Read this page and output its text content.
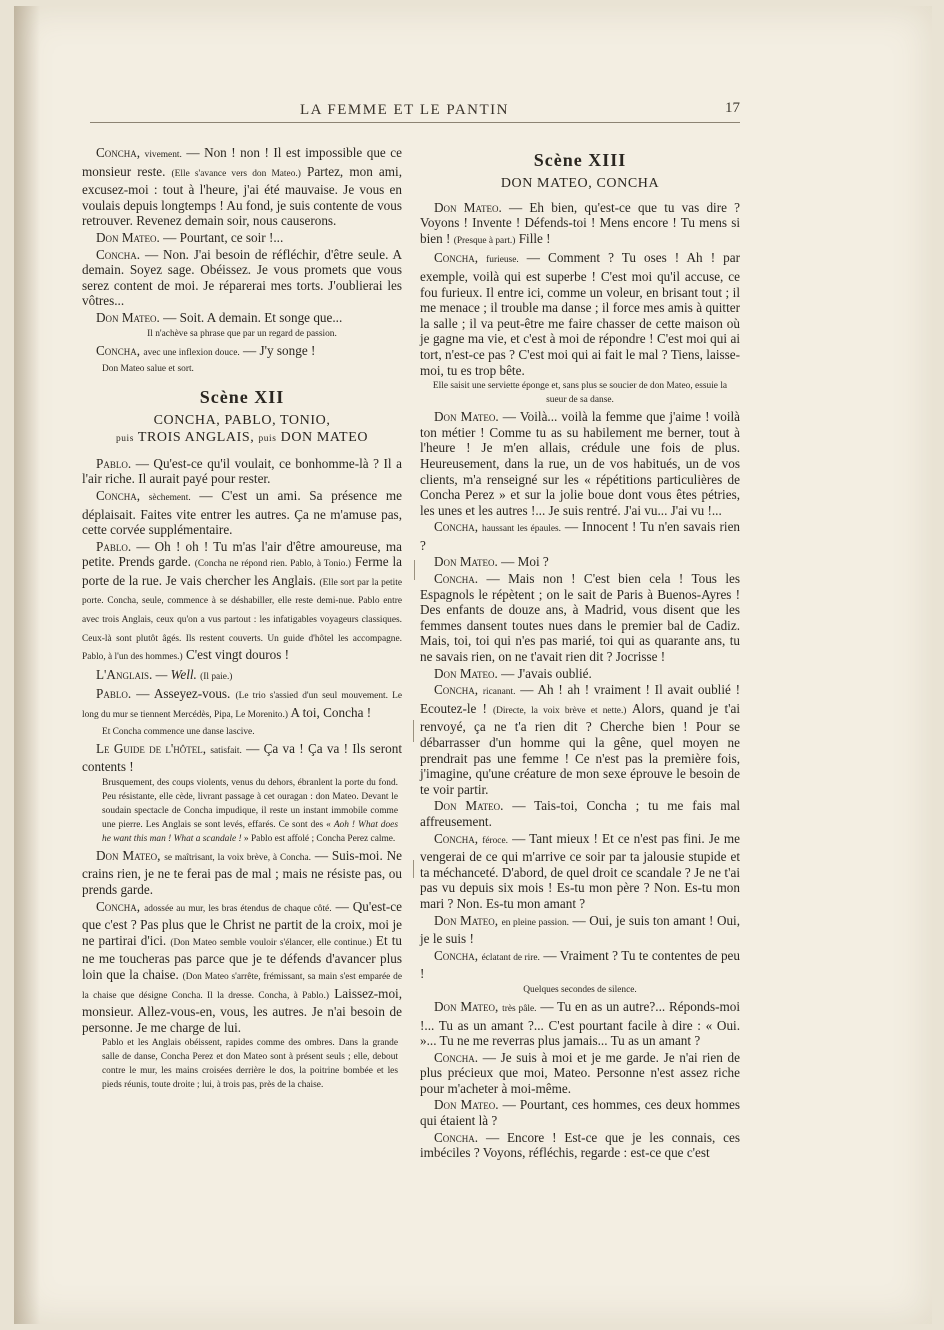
LA FEMME ET LE PANTIN	17

Concha, vivement. — Non ! non ! Il est impossible que ce monsieur reste. (Elle s'avance vers don Mateo.) Partez, mon ami, excusez-moi : tout à l'heure, j'ai été mauvaise. Je vous en voulais depuis longtemps ! Au fond, je suis contente de vous retrouver. Revenez demain soir, nous causerons.

Don Mateo. — Pourtant, ce soir !...

Concha. — Non. J'ai besoin de réfléchir, d'être seule. A demain. Soyez sage. Obéissez. Je vous promets que vous serez content de moi. Je réparerai mes torts. J'oublierai les vôtres...

Don Mateo. — Soit. A demain. Et songe que...

Il n'achève sa phrase que par un regard de passion.

Concha, avec une inflexion douce. — J'y songe !

Don Mateo salue et sort.
Scène XII
CONCHA, PABLO, TONIO,
puis TROIS ANGLAIS, puis DON MATEO

Pablo. — Qu'est-ce qu'il voulait, ce bonhomme-là ? Il a l'air riche. Il aurait payé pour rester.

Concha, sèchement. — C'est un ami. Sa présence me déplaisait. Faites vite entrer les autres. Ça ne m'amuse pas, cette corvée supplémentaire.

Pablo. — Oh ! oh ! Tu m'as l'air d'être amoureuse, ma petite. Prends garde. (Concha ne répond rien. Pablo, à Tonio.) Ferme la porte de la rue. Je vais chercher les Anglais. (Elle sort par la petite porte. Concha, seule, commence à se déshabiller, elle reste demi-nue. Pablo entre avec trois Anglais, ceux qu'on a vus partout : les infatigables voyageurs classiques. Ceux-là sont plutôt âgés. Ils restent couverts. Un guide d'hôtel les accompagne. Pablo, à l'un des hommes.) C'est vingt douros !

L'Anglais. — Well. (Il paie.)

Pablo. — Asseyez-vous. (Le trio s'assied d'un seul mouvement. Le long du mur se tiennent Mercédès, Pipa, Le Morenito.) A toi, Concha !

Et Concha commence une danse lascive.

Le Guide de l'hôtel, satisfait. — Ça va ! Ça va ! Ils seront contents !

Brusquement, des coups violents, venus du dehors, ébranlent la porte du fond. Peu résistante, elle cède, livrant passage à cet ouragan : don Mateo. Devant le soudain spectacle de Concha impudique, il reste un instant immobile comme une pierre. Les Anglais se sont levés, effarés. Ce sont des « Aoh ! What does he want this man ! What a scandale ! » Pablo est affolé ; Concha Perez calme.

Don Mateo, se maîtrisant, la voix brève, à Concha. — Suis-moi. Ne crains rien, je ne te ferai pas de mal ; mais ne résiste pas, ou prends garde.

Concha, adossée au mur, les bras étendus de chaque côté. — Qu'est-ce que c'est ? Pas plus que le Christ ne partit de la croix, moi je ne partirai d'ici. (Don Mateo semble vouloir s'élancer, elle continue.) Et tu ne me toucheras pas parce que je te défends d'avancer plus loin que la chaise. (Don Mateo s'arrête, frémissant, sa main s'est emparée de la chaise que désigne Concha. Il la dresse. Concha, à Pablo.) Laissez-moi, monsieur. Allez-vous-en, vous, les autres. Je n'ai besoin de personne. Je me charge de lui.

Pablo et les Anglais obéissent, rapides comme des ombres. Dans la grande salle de danse, Concha Perez et don Mateo sont à présent seuls ; elle, debout contre le mur, les mains croisées derrière le dos, la poitrine bombée et les pieds réunis, toute droite ; lui, à trois pas, près de la chaise.
Scène XIII
DON MATEO, CONCHA

Don Mateo. — Eh bien, qu'est-ce que tu vas dire ? Voyons ! Invente ! Défends-toi ! Mens encore ! Tu mens si bien ! (Presque à part.) Fille !

Concha, furieuse. — Comment ? Tu oses ! Ah ! par exemple, voilà qui est superbe ! C'est moi qu'il accuse, ce fou furieux. Il entre ici, comme un voleur, en brisant tout ; il me menace ; il trouble ma danse ; il force mes amis à quitter la salle ; il va peut-être me faire chasser de cette maison où je gagne ma vie, et c'est à moi de répondre ! C'est moi qui ai tort, n'est-ce pas ? C'est moi qui ai fait le mal ? Tiens, laisse-moi, tu es trop bête.

Elle saisit une serviette éponge et, sans plus se soucier de don Mateo, essuie la sueur de sa danse.

Don Mateo. — Voilà... voilà la femme que j'aime ! voilà ton métier ! Comme tu as su habilement me berner, tout à l'heure ! Je m'en allais, crédule une fois de plus. Heureusement, dans la rue, un de vos habitués, un de vos clients, m'a renseigné sur les « répétitions particulières de Concha Perez » et sur la jolie boue dont vous êtes pétries, les unes et les autres !... Je suis rentré. J'ai vu... J'ai vu !...

Concha, haussant les épaules. — Innocent ! Tu n'en savais rien ?

Don Mateo. — Moi ?

Concha. — Mais non ! C'est bien cela ! Tous les Espagnols le répètent ; on le sait de Paris à Buenos-Ayres ! Des enfants de douze ans, à Madrid, vous disent que les femmes dansent toutes nues dans le premier bal de Cadiz. Mais, toi, toi qui n'es pas marié, toi qui as quarante ans, tu ne savais rien, on ne t'avait rien dit ? Jocrisse !

Don Mateo. — J'avais oublié.

Concha, ricanant. — Ah ! ah ! vraiment ! Il avait oublié ! Ecoutez-le ! (Directe, la voix brève et nette.) Alors, quand je t'ai renvoyé, ça ne t'a rien dit ? Cherche bien ! Pour se débarrasser d'un homme qui la gêne, quel moyen ne prendrait pas une femme ! Ce n'est pas la première fois, j'imagine, qu'une créature de mon sexe éprouve le besoin de te voir partir.

Don Mateo. — Tais-toi, Concha ; tu me fais mal affreusement.

Concha, féroce. — Tant mieux ! Et ce n'est pas fini. Je me vengerai de ce qui m'arrive ce soir par ta jalousie stupide et ta méchanceté. D'abord, de quel droit ce scandale ? Je ne t'ai pas vu depuis six mois ! Es-tu mon père ? Non. Es-tu mon mari ? Non. Es-tu mon amant ?

Don Mateo, en pleine passion. — Oui, je suis ton amant ! Oui, je le suis !

Concha, éclatant de rire. — Vraiment ? Tu te contentes de peu !

Quelques secondes de silence.

Don Mateo, très pâle. — Tu en as un autre?... Réponds-moi !... Tu as un amant ?... C'est pourtant facile à dire : « Oui. »... Tu ne me reverras plus jamais... Tu as un amant ?

Concha. — Je suis à moi et je me garde. Je n'ai rien de plus précieux que moi, Mateo. Personne n'est assez riche pour m'acheter à moi-même.

Don Mateo. — Pourtant, ces hommes, ces deux hommes qui étaient là ?

Concha. — Encore ! Est-ce que je les connais, ces imbéciles ? Voyons, réfléchis, regarde : est-ce que c'est
